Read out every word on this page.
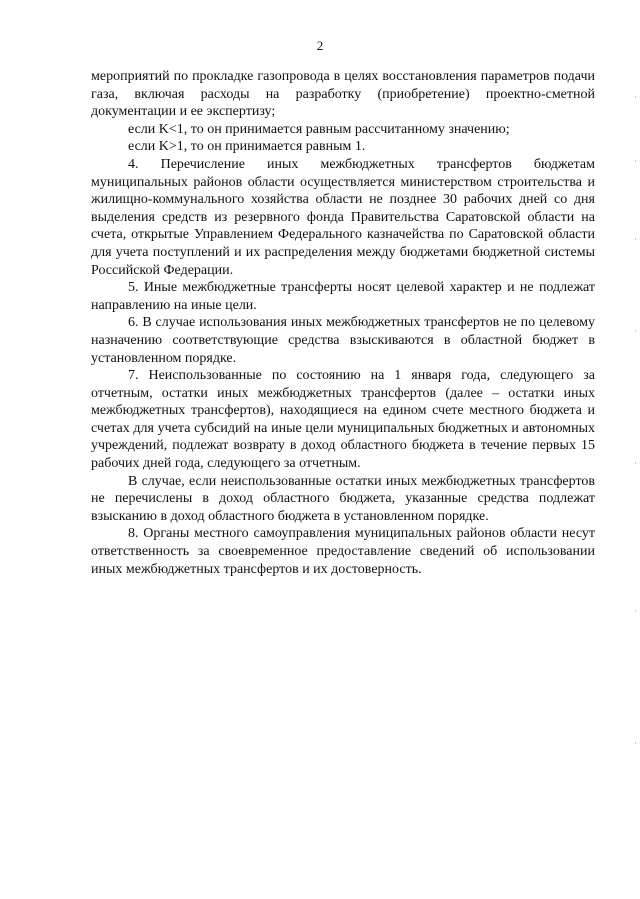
2

мероприятий по прокладке газопровода в целях восстановления параметров подачи газа, включая расходы на разработку (приобретение) проектно-сметной документации и ее экспертизу;

если K<1, то он принимается равным рассчитанному значению;

если K>1, то он принимается равным 1.

4. Перечисление иных межбюджетных трансфертов бюджетам муниципальных районов области осуществляется министерством строительства и жилищно-коммунального хозяйства области не позднее 30 рабочих дней со дня выделения средств из резервного фонда Правительства Саратовской области на счета, открытые Управлением Федерального казначейства по Саратовской области для учета поступлений и их распределения между бюджетами бюджетной системы Российской Федерации.

5. Иные межбюджетные трансферты носят целевой характер и не подлежат направлению на иные цели.

6. В случае использования иных межбюджетных трансфертов не по целевому назначению соответствующие средства взыскиваются в областной бюджет в установленном порядке.

7. Неиспользованные по состоянию на 1 января года, следующего за отчетным, остатки иных межбюджетных трансфертов (далее – остатки иных межбюджетных трансфертов), находящиеся на едином счете местного бюджета и счетах для учета субсидий на иные цели муниципальных бюджетных и автономных учреждений, подлежат возврату в доход областного бюджета в течение первых 15 рабочих дней года, следующего за отчетным.

В случае, если неиспользованные остатки иных межбюджетных трансфертов не перечислены в доход областного бюджета, указанные средства подлежат взысканию в доход областного бюджета в установленном порядке.

8. Органы местного самоуправления муниципальных районов области несут ответственность за своевременное предоставление сведений об использовании иных межбюджетных трансфертов и их достоверность.
